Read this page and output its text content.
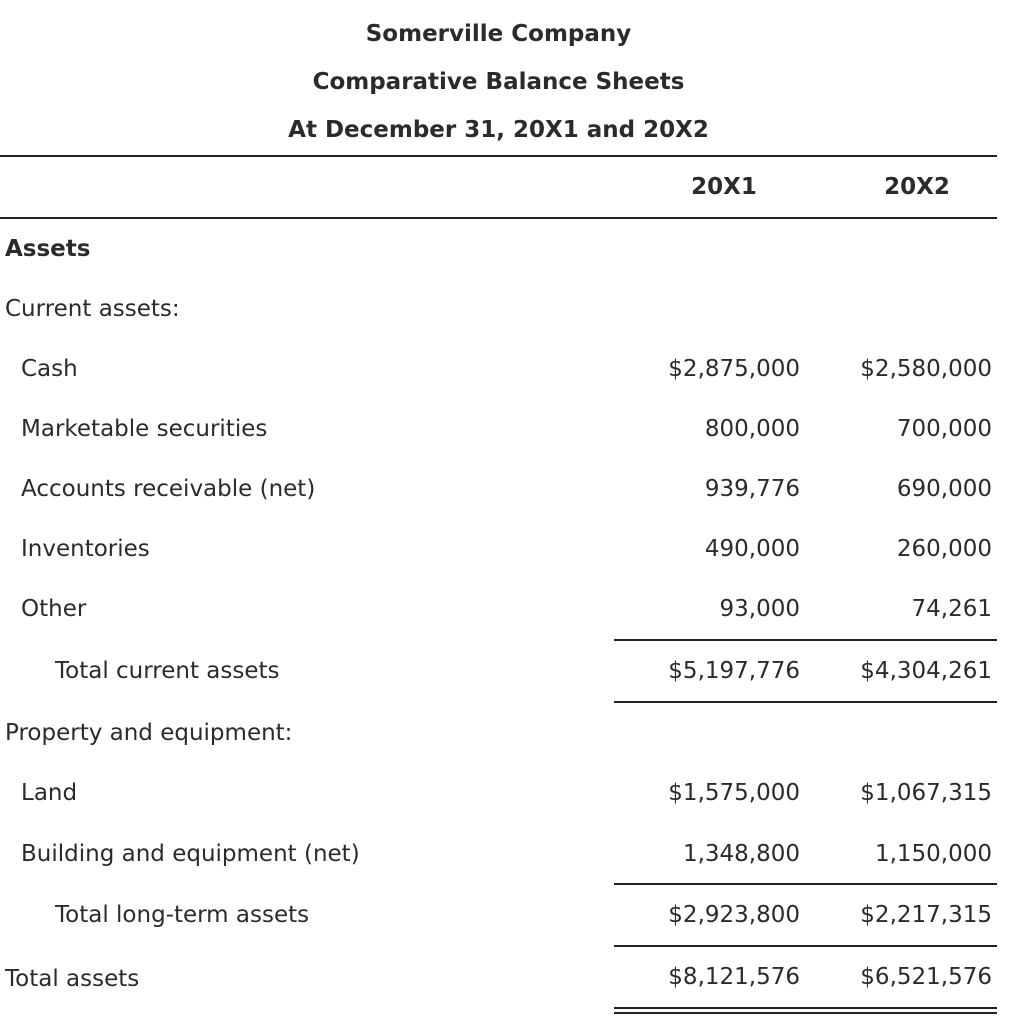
Somerville Company
Comparative Balance Sheets
At December 31, 20X1 and 20X2
20X1	20X2
Assets
Current assets:
Cash	$2,875,000	$2,580,000
Marketable securities	800,000	700,000
Accounts receivable (net)	939,776	690,000
Inventories	490,000	260,000
Other	93,000	74,261
Total current assets	$5,197,776	$4,304,261
Property and equipment:
Land	$1,575,000	$1,067,315
Building and equipment (net)	1,348,800	1,150,000
Total long-term assets	$2,923,800	$2,217,315
Total assets	$8,121,576	$6,521,576
